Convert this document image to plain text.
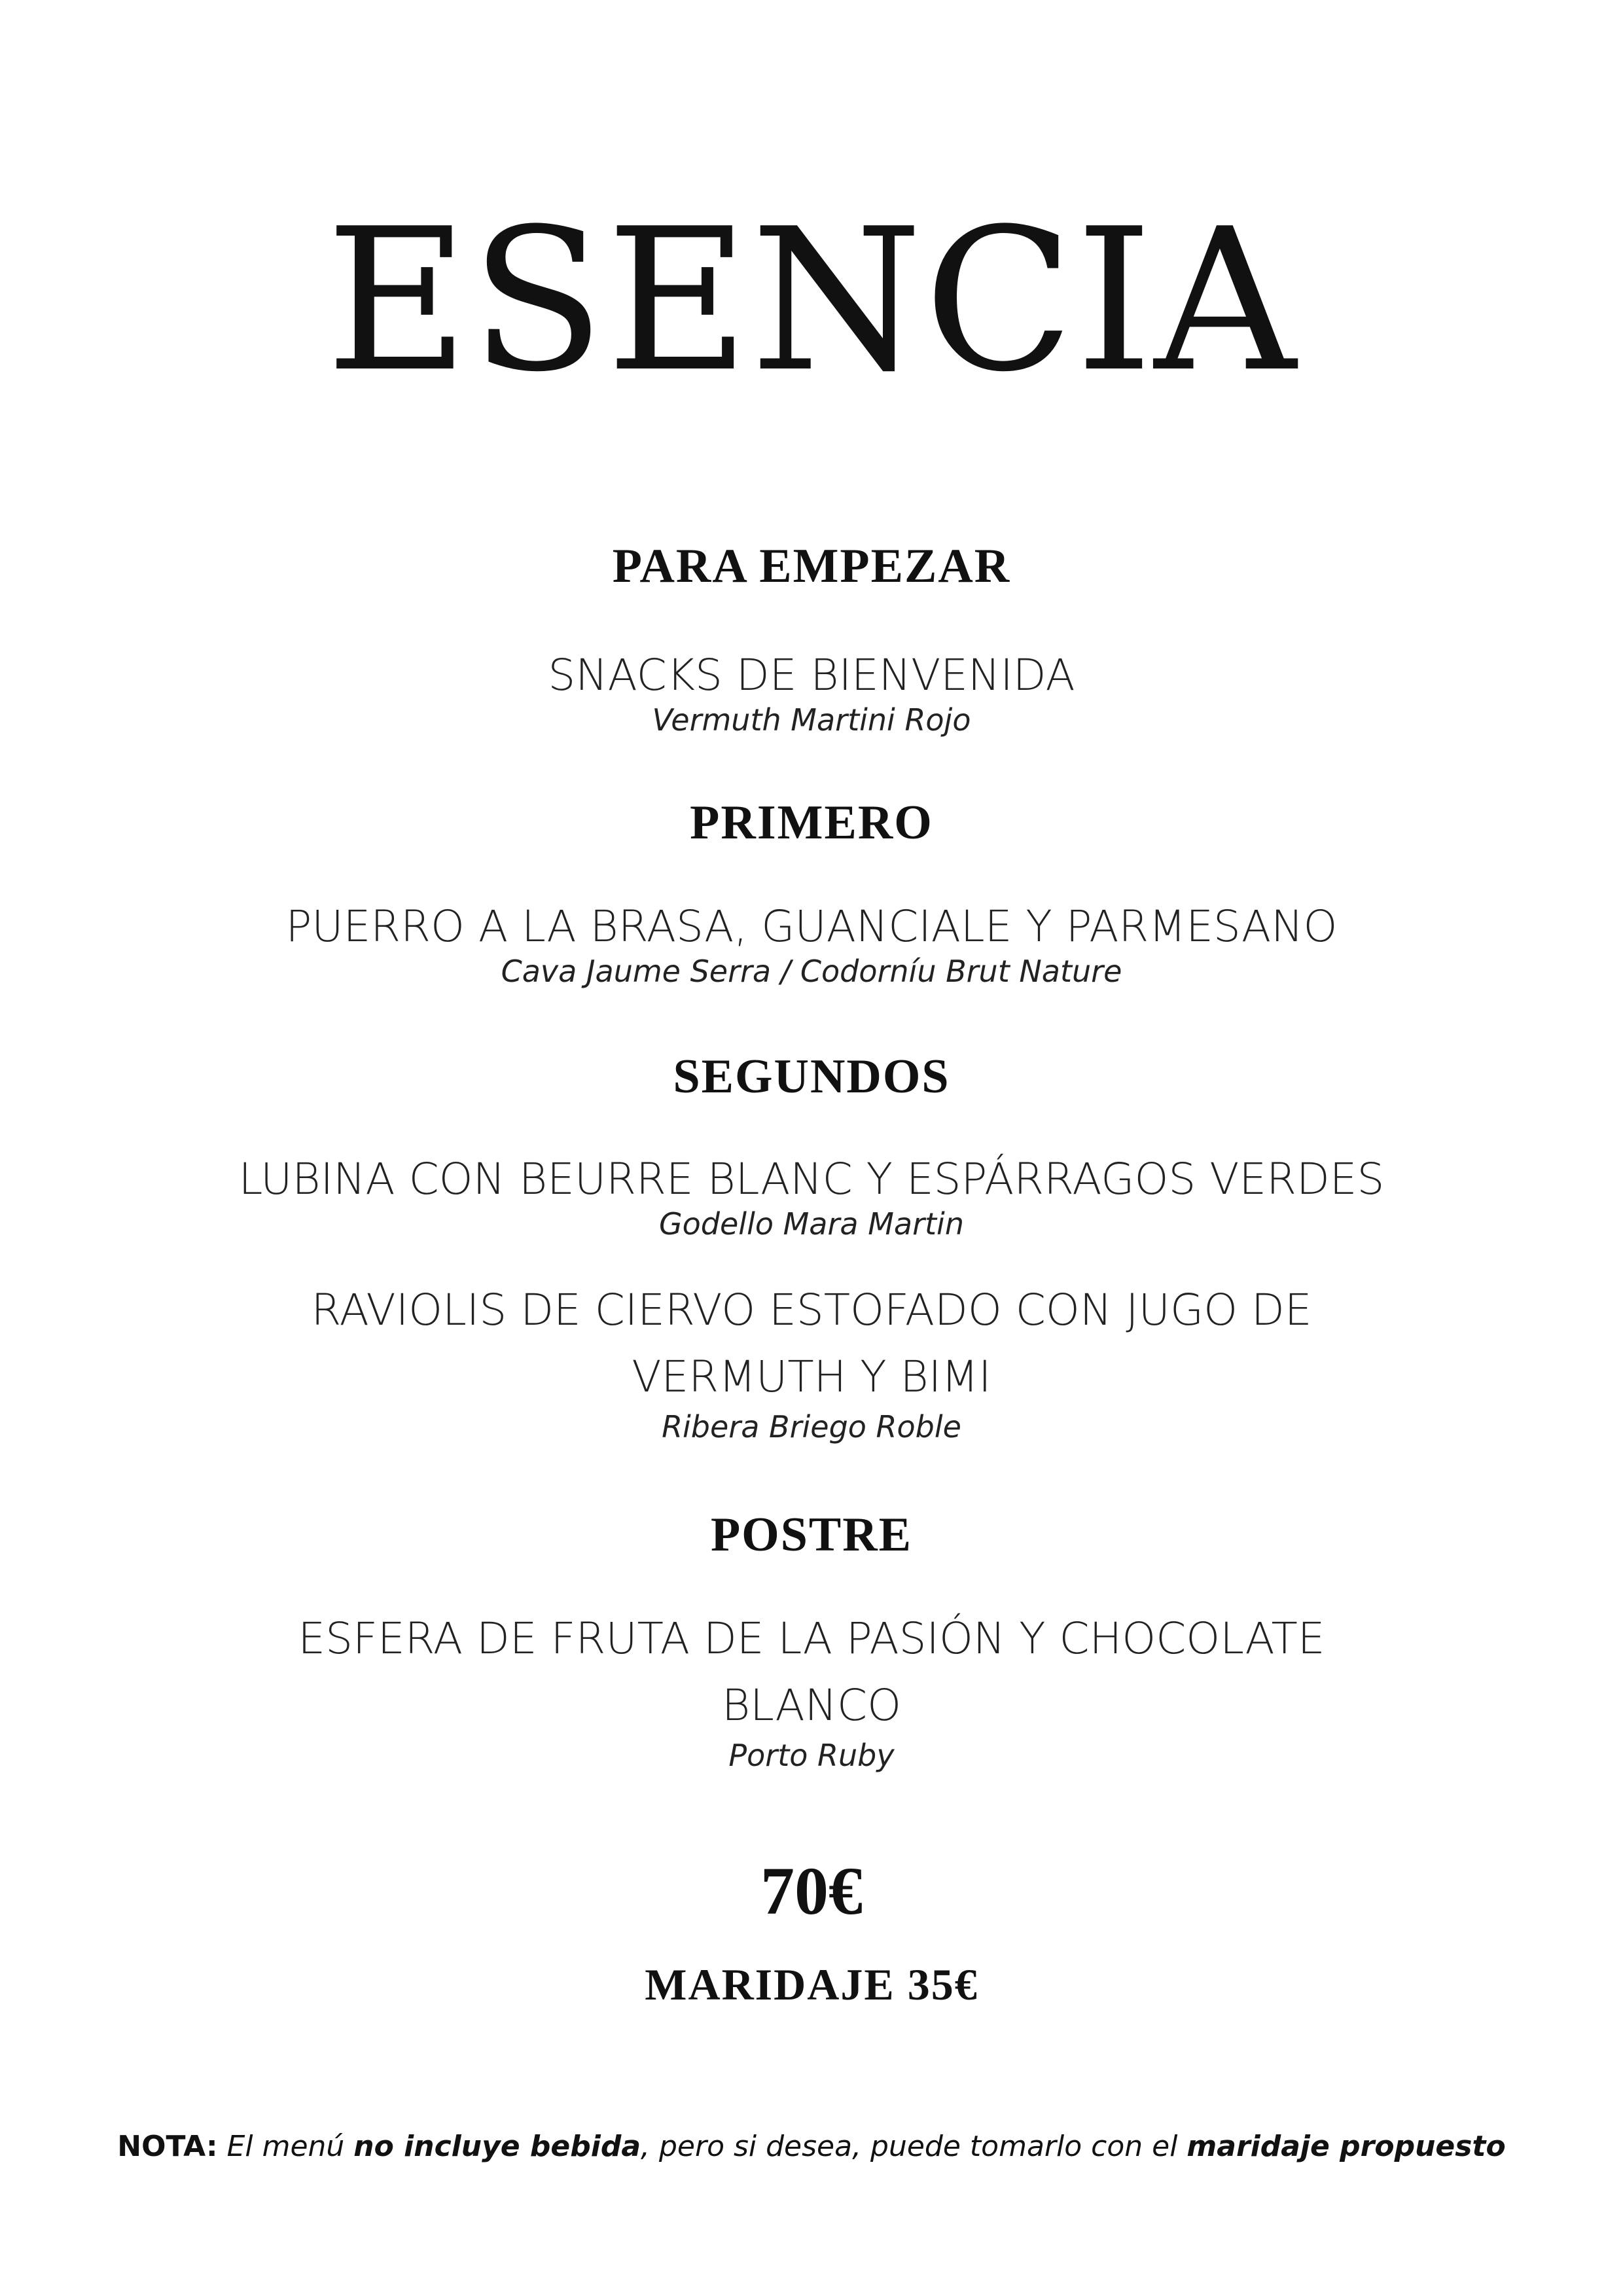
ESENCIA
PARA EMPEZAR
SNACKS DE BIENVENIDA
Vermuth Martini Rojo
PRIMERO
PUERRO A LA BRASA, GUANCIALE Y PARMESANO
Cava Jaume Serra / Codorníu Brut Nature
SEGUNDOS
LUBINA CON BEURRE BLANC Y ESPÁRRAGOS VERDES
Godello Mara Martin
RAVIOLIS DE CIERVO ESTOFADO CON JUGO DE
VERMUTH Y BIMI
Ribera Briego Roble
POSTRE
ESFERA DE FRUTA DE LA PASIÓN Y CHOCOLATE
BLANCO
Porto Ruby
70€
MARIDAJE 35€
NOTA: El menú no incluye bebida, pero si desea, puede tomarlo con el maridaje propuesto
